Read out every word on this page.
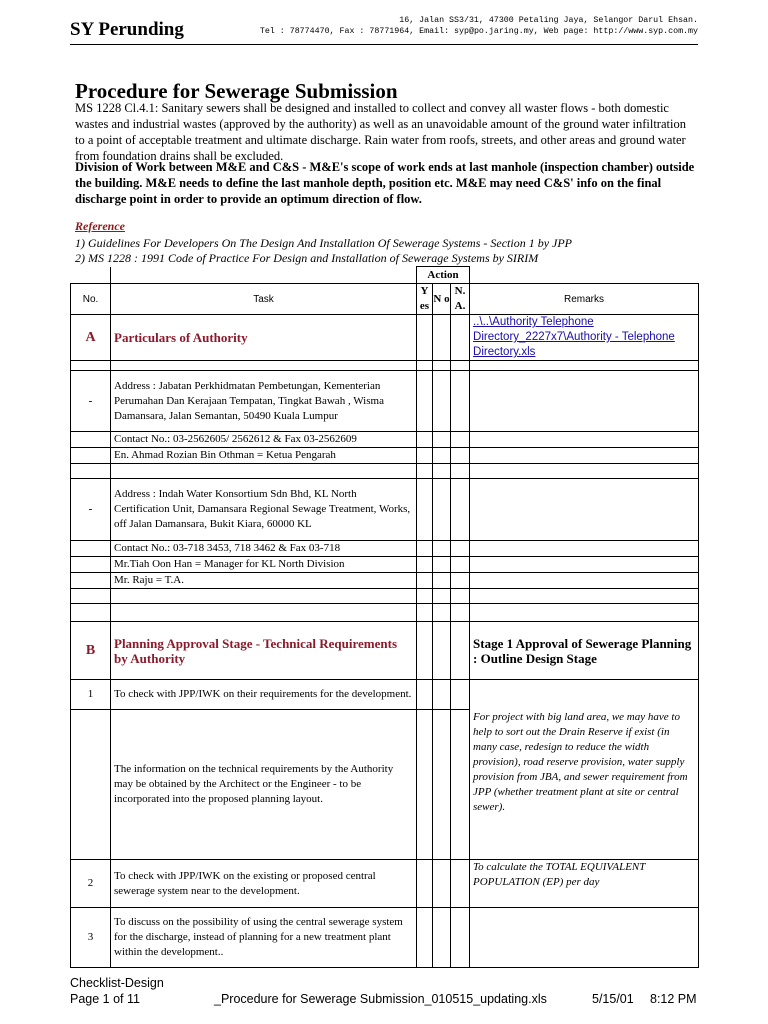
SY Perunding	16, Jalan SS3/31, 47300 Petaling Jaya, Selangor Darul Ehsan.
Tel : 78774470, Fax : 78771964, Email: syp@po.jaring.my, Web page: http://www.syp.com.my
Procedure for Sewerage Submission
MS 1228 Cl.4.1: Sanitary sewers shall be designed and installed to collect and convey all waster flows - both domestic wastes and industrial wastes (approved by the authority) as well as an unavoidable amount of the ground water infiltration to a point of acceptable treatment and ultimate discharge. Rain water from roofs, streets, and other areas and ground water from foundation drains shall be excluded.
Division of Work between M&E and C&S - M&E's scope of work ends at last manhole (inspection chamber) outside the building. M&E needs to define the last manhole depth, position etc. M&E may need C&S' info on the final discharge point in order to provide an optimum direction of flow.
Reference
1) Guidelines For Developers On The Design And Installation Of Sewerage Systems - Section 1 by JPP
2) MS 1228 : 1991 Code of Practice For Design and Installation of Sewerage Systems by SIRIM
		Action			
No.	Task	Y es	N o	N. A.	Remarks
A	Particulars of Authority				..\..\Authority Telephone Directory_2227x7\Authority - Telephone Directory.xls

-	Address : Jabatan Perkhidmatan Pembetungan, Kementerian Perumahan Dan Kerajaan Tempatan, Tingkat Bawah , Wisma Damansara, Jalan Semantan, 50490 Kuala Lumpur				
	Contact No.: 03-2562605/ 2562612 & Fax 03-2562609				
	En. Ahmad Rozian Bin Othman = Ketua Pengarah				

-	Address : Indah Water Konsortium Sdn Bhd, KL North Certification Unit, Damansara Regional Sewage Treatment, Works, off Jalan Damansara, Bukit Kiara, 60000 KL				
	Contact No.: 03-718 3453, 718 3462 & Fax 03-718				
	Mr.Tiah Oon Han = Manager for KL North Division				
	Mr. Raju = T.A.				

B	Planning Approval Stage - Technical Requirements by Authority				Stage 1 Approval of Sewerage Planning : Outline Design Stage
1	To check with JPP/IWK on their requirements for the development.				
	The information on the technical requirements by the Authority may be obtained by the Architect or the Engineer - to be incorporated into the proposed planning layout.				For project with big land area, we may have to help to sort out the Drain Reserve if exist (in many case, redesign to reduce the width provision), road reserve provision, water supply provision from JBA, and sewer requirement from JPP (whether treatment plant at site or central sewer).
2	To check with JPP/IWK on the existing or proposed central sewerage system near to the development.				To calculate the TOTAL EQUIVALENT POPULATION (EP) per day
3	To discuss on the possibility of using the central sewerage system for the discharge, instead of planning for a new treatment plant within the development..				
Checklist-Design
Page 1 of 11	_Procedure for Sewerage Submission_010515_updating.xls	5/15/01 8:12 PM
